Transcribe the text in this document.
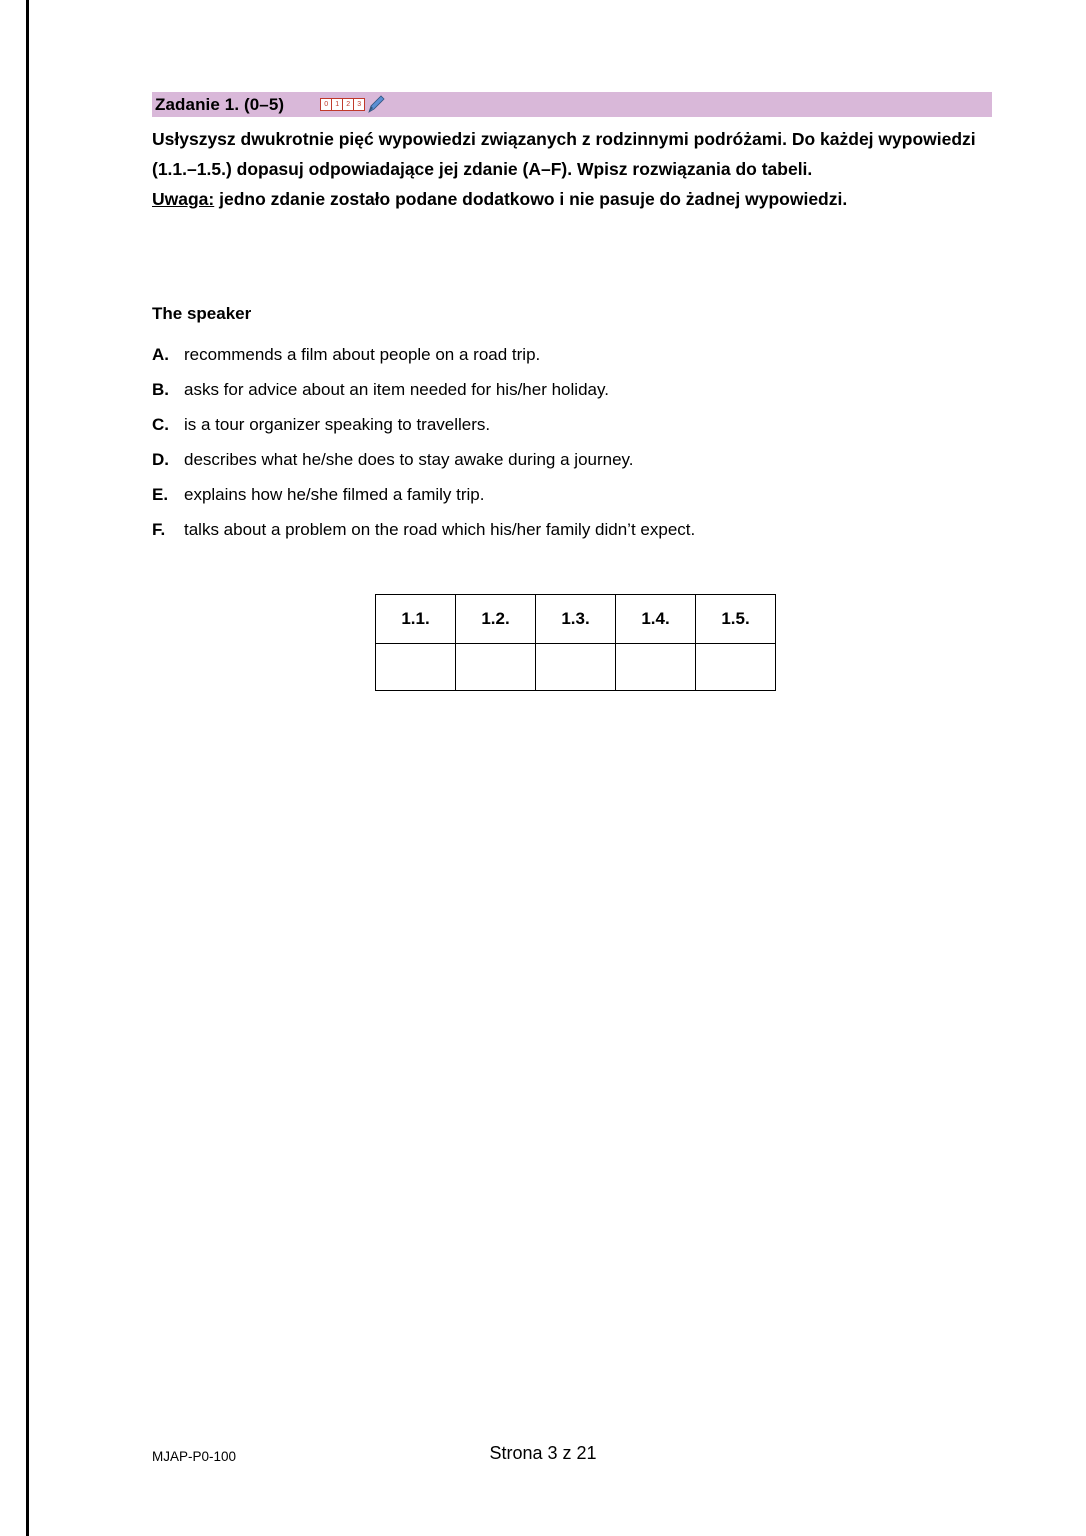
Zadanie 1. (0–5)	0	1	2	3
Usłyszysz dwukrotnie pięć wypowiedzi związanych z rodzinnymi podróżami. Do każdej wypowiedzi (1.1.–1.5.) dopasuj odpowiadające jej zdanie (A–F). Wpisz rozwiązania do tabeli.
Uwaga: jedno zdanie zostało podane dodatkowo i nie pasuje do żadnej wypowiedzi.
The speaker
A. recommends a film about people on a road trip.
B. asks for advice about an item needed for his/her holiday.
C. is a tour organizer speaking to travellers.
D. describes what he/she does to stay awake during a journey.
E. explains how he/she filmed a family trip.
F.	talks about a problem on the road which his/her family didn’t expect.
1.1.	1.2.	1.3.	1.4.	1.5.

MJAP-P0-100	Strona 3 z 21
